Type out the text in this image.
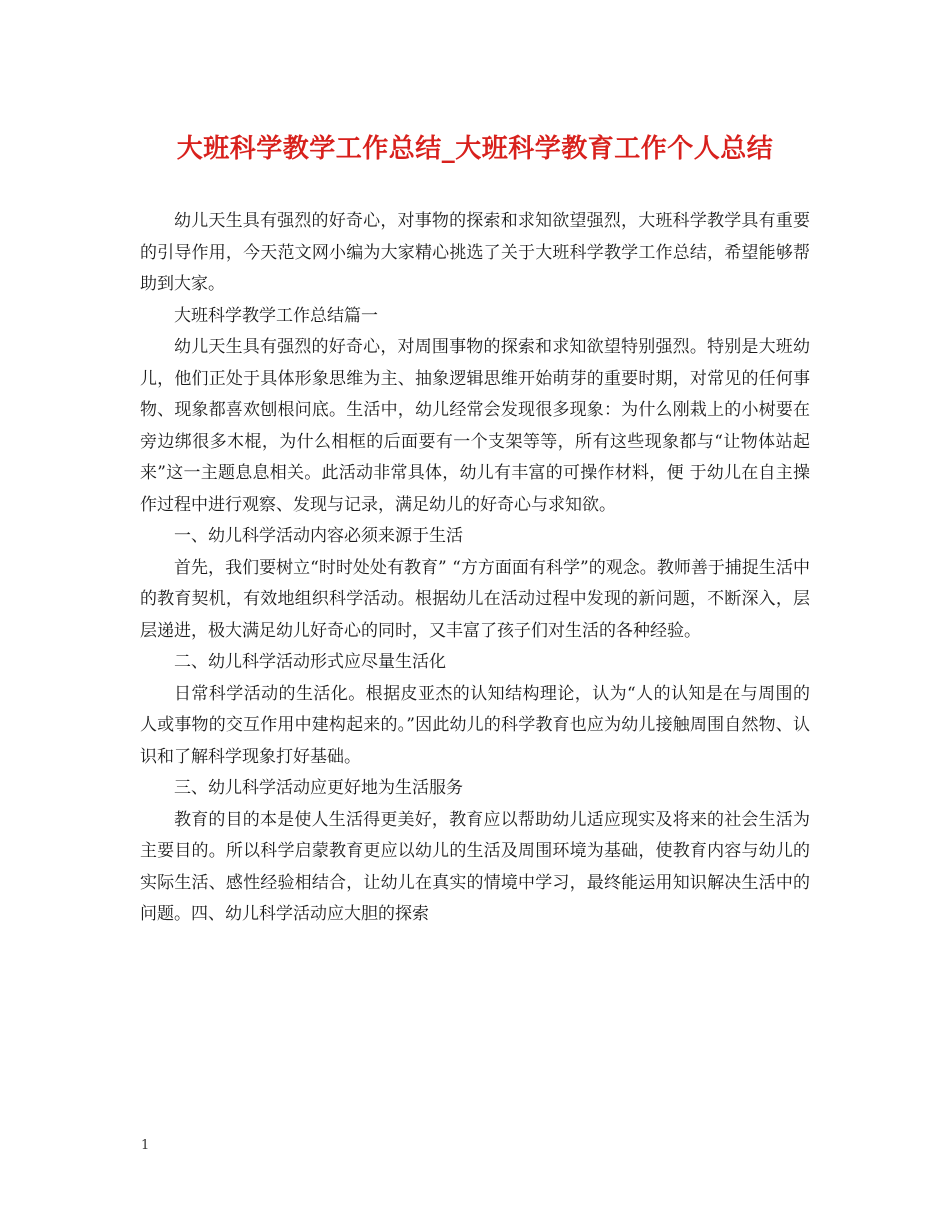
大班科学教学工作总结_大班科学教育工作个人总结

幼儿天生具有强烈的好奇心，对事物的探索和求知欲望强烈，大班科学教学具有重要的引导作用，今天范文网小编为大家精心挑选了关于大班科学教学工作总结，希望能够帮助到大家。

大班科学教学工作总结篇一

幼儿天生具有强烈的好奇心，对周围事物的探索和求知欲望特别强烈。特别是大班幼儿，他们正处于具体形象思维为主、抽象逻辑思维开始萌芽的重要时期，对常见的任何事物、现象都喜欢刨根问底。生活中，幼儿经常会发现很多现象：为什么刚栽上的小树要在旁边绑很多木棍，为什么相框的后面要有一个支架等等，所有这些现象都与“让物体站起来”这一主题息息相关。此活动非常具体，幼儿有丰富的可操作材料，便 于幼儿在自主操作过程中进行观察、发现与记录，满足幼儿的好奇心与求知欲。

一、幼儿科学活动内容必须来源于生活

首先，我们要树立“时时处处有教育” “方方面面有科学”的观念。教师善于捕捉生活中的教育契机，有效地组织科学活动。根据幼儿在活动过程中发现的新问题，不断深入，层层递进，极大满足幼儿好奇心的同时，又丰富了孩子们对生活的各种经验。

二、幼儿科学活动形式应尽量生活化

日常科学活动的生活化。根据皮亚杰的认知结构理论，认为“人的认知是在与周围的人或事物的交互作用中建构起来的。”因此幼儿的科学教育也应为幼儿接触周围自然物、认识和了解科学现象打好基础。

三、幼儿科学活动应更好地为生活服务

教育的目的本是使人生活得更美好，教育应以帮助幼儿适应现实及将来的社会生活为主要目的。所以科学启蒙教育更应以幼儿的生活及周围环境为基础，使教育内容与幼儿的实际生活、感性经验相结合，让幼儿在真实的情境中学习，最终能运用知识解决生活中的问题。四、幼儿科学活动应大胆的探索

1
